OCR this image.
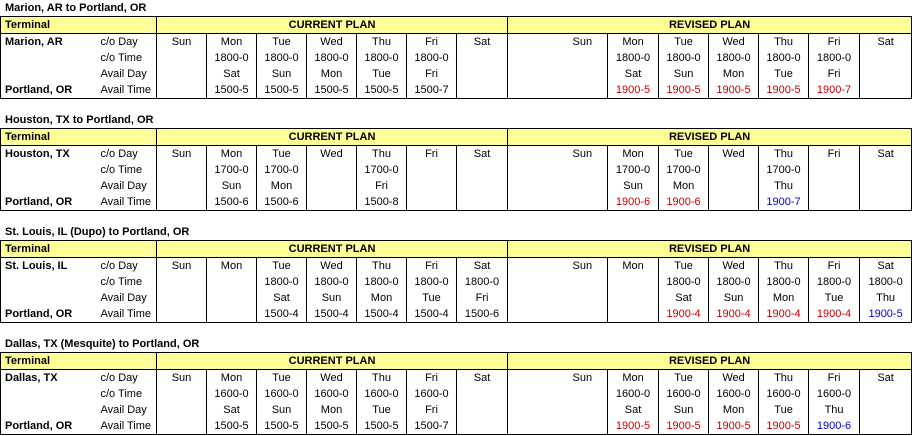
Marion, AR to Portland, OR
Terminal		CURRENT PLAN							REVISED PLAN							
Marion, AR	c/o Day	Sun	Mon	Tue	Wed	Thu	Fri	Sat		Sun	Mon	Tue	Wed	Thu	Fri	Sat
	c/o Time		1800-0	1800-0	1800-0	1800-0	1800-0				1800-0	1800-0	1800-0	1800-0	1800-0	
	Avail Day		Sat	Sun	Mon	Tue	Fri				Sat	Sun	Mon	Tue	Fri	
Portland, OR	Avail Time		1500-5	1500-5	1500-5	1500-5	1500-7				1900-5	1900-5	1900-5	1900-5	1900-7	
Houston, TX to Portland, OR
Terminal		CURRENT PLAN							REVISED PLAN							
Houston, TX	c/o Day	Sun	Mon	Tue	Wed	Thu	Fri	Sat		Sun	Mon	Tue	Wed	Thu	Fri	Sat
	c/o Time		1700-0	1700-0		1700-0					1700-0	1700-0		1700-0		
	Avail Day		Sun	Mon		Fri					Sun	Mon		Thu		
Portland, OR	Avail Time		1500-6	1500-6		1500-8					1900-6	1900-6		1900-7		
St. Louis, IL (Dupo) to Portland, OR
Terminal		CURRENT PLAN							REVISED PLAN							
St. Louis, IL	c/o Day	Sun	Mon	Tue	Wed	Thu	Fri	Sat		Sun	Mon	Tue	Wed	Thu	Fri	Sat
	c/o Time			1800-0	1800-0	1800-0	1800-0	1800-0				1800-0	1800-0	1800-0	1800-0	1800-0
	Avail Day			Sat	Sun	Mon	Tue	Fri				Sat	Sun	Mon	Tue	Thu
Portland, OR	Avail Time			1500-4	1500-4	1500-4	1500-4	1500-6				1900-4	1900-4	1900-4	1900-4	1900-5
Dallas, TX (Mesquite) to Portland, OR
Terminal		CURRENT PLAN							REVISED PLAN							
Dallas, TX	c/o Day	Sun	Mon	Tue	Wed	Thu	Fri	Sat		Sun	Mon	Tue	Wed	Thu	Fri	Sat
	c/o Time		1600-0	1600-0	1600-0	1600-0	1600-0				1600-0	1600-0	1600-0	1600-0	1600-0	
	Avail Day		Sat	Sun	Mon	Tue	Fri				Sat	Sun	Mon	Tue	Thu	
Portland, OR	Avail Time		1500-5	1500-5	1500-5	1500-5	1500-7				1900-5	1900-5	1900-5	1900-5	1900-6	
